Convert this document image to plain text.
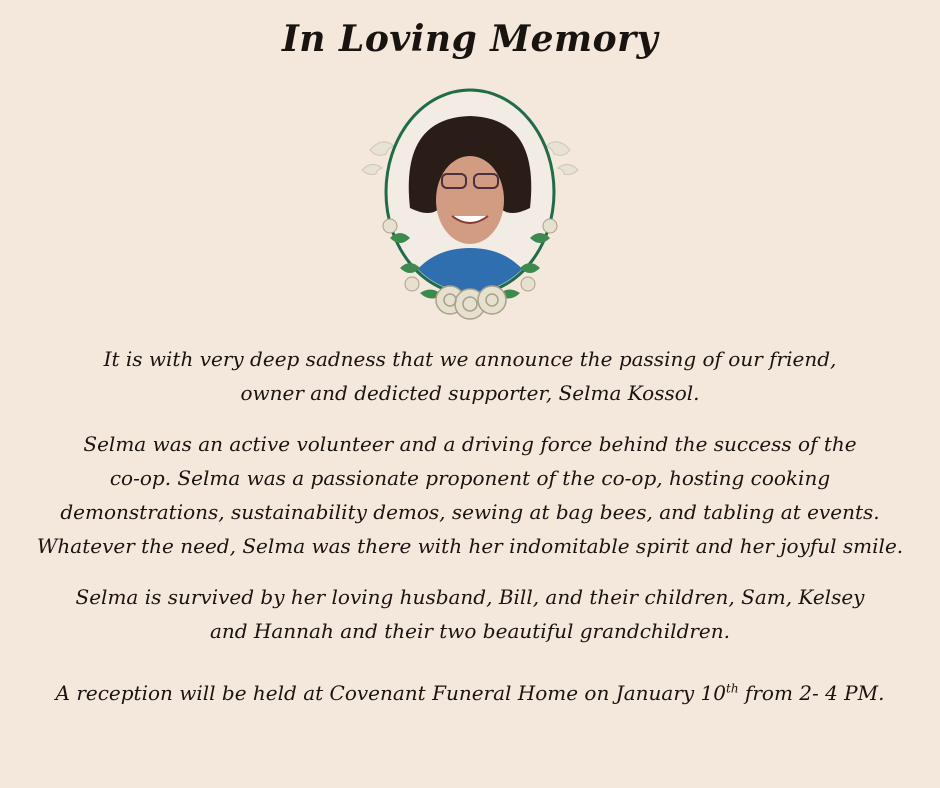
In Loving Memory
It is with very deep sadness that we announce the passing of our friend,
owner and dedicted supporter, Selma Kossol.
Selma was an active volunteer and a driving force behind the success of the
co-op. Selma was a passionate proponent of the co-op, hosting cooking
demonstrations, sustainability demos, sewing at bag bees, and tabling at events.
Whatever the need, Selma was there with her indomitable spirit and her joyful smile.
Selma is survived by her loving husband, Bill, and their children, Sam, Kelsey
and Hannah and their two beautiful grandchildren.
A reception will be held at Covenant Funeral Home on January 10th from 2- 4 PM.
